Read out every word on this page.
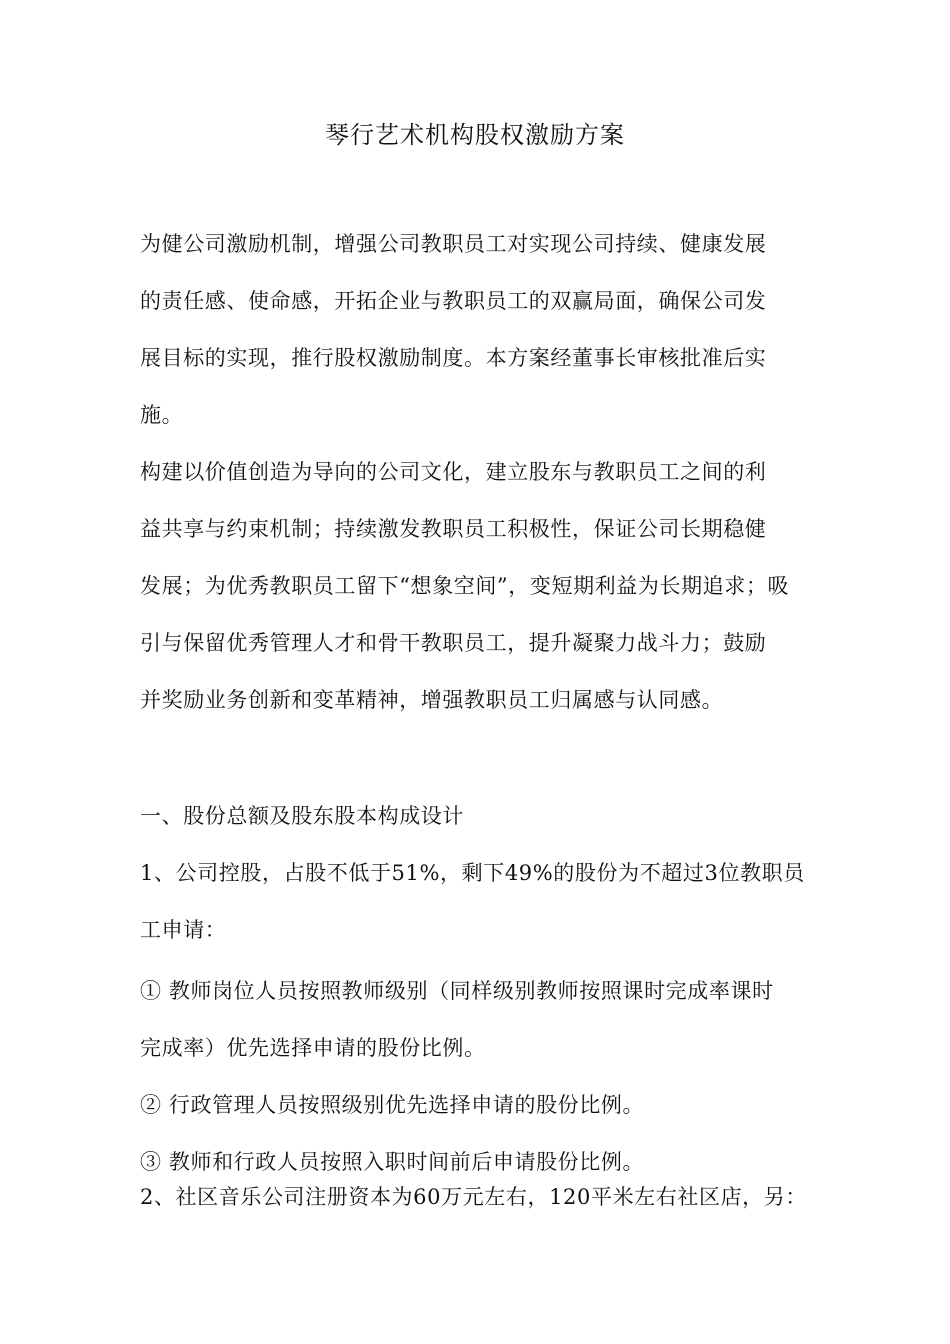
琴行艺术机构股权激励方案
为健公司激励机制，增强公司教职员工对实现公司持续、健康发展
的责任感、使命感，开拓企业与教职员工的双赢局面，确保公司发
展目标的实现，推行股权激励制度。本方案经董事长审核批准后实
施。
构建以价值创造为导向的公司文化，建立股东与教职员工之间的利
益共享与约束机制；持续激发教职员工积极性，保证公司长期稳健
发展；为优秀教职员工留下“想象空间”，变短期利益为长期追求；吸
引与保留优秀管理人才和骨干教职员工，提升凝聚力战斗力；鼓励
并奖励业务创新和变革精神，增强教职员工归属感与认同感。
一、股份总额及股东股本构成设计
1、公司控股，占股不低于51%，剩下49%的股份为不超过3位教职员
工申请：
① 教师岗位人员按照教师级别（同样级别教师按照课时完成率课时
完成率）优先选择申请的股份比例。
② 行政管理人员按照级别优先选择申请的股份比例。
③ 教师和行政人员按照入职时间前后申请股份比例。
2、社区音乐公司注册资本为60万元左右，120平米左右社区店，另：
